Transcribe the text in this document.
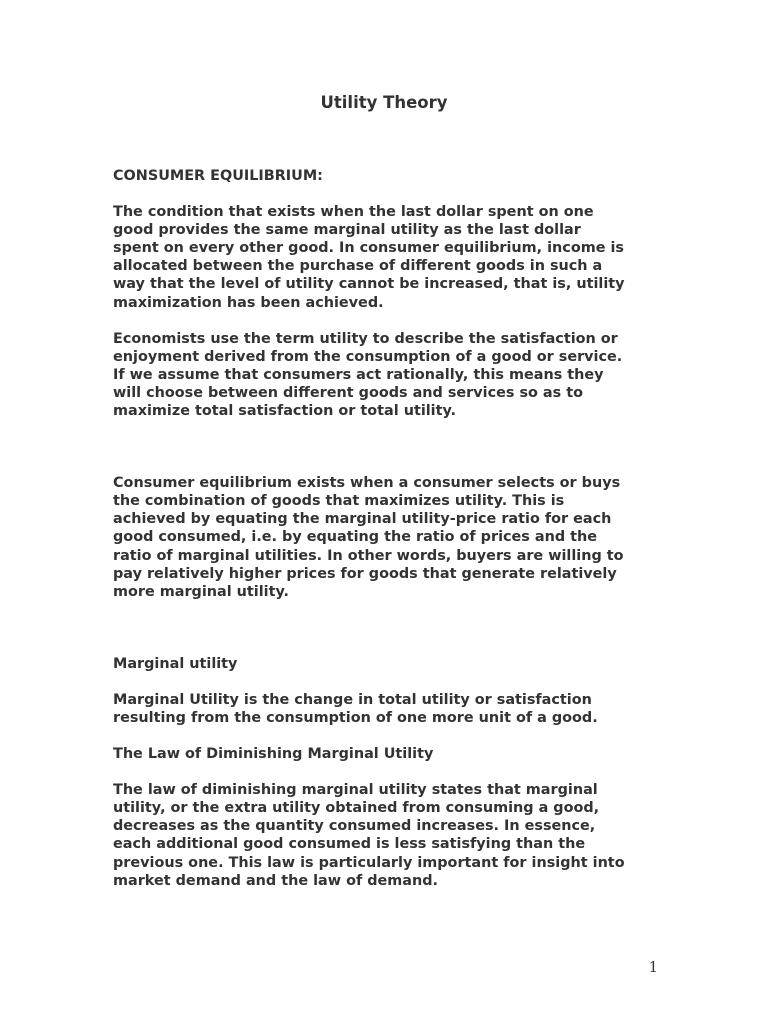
Utility Theory

CONSUMER EQUILIBRIUM:

The condition that exists when the last dollar spent on one
good provides the same marginal utility as the last dollar
spent on every other good. In consumer equilibrium, income is
allocated between the purchase of different goods in such a
way that the level of utility cannot be increased, that is, utility
maximization has been achieved.

Economists use the term utility to describe the satisfaction or
enjoyment derived from the consumption of a good or service.
If we assume that consumers act rationally, this means they
will choose between different goods and services so as to
maximize total satisfaction or total utility.

Consumer equilibrium exists when a consumer selects or buys
the combination of goods that maximizes utility. This is
achieved by equating the marginal utility-price ratio for each
good consumed, i.e. by equating the ratio of prices and the
ratio of marginal utilities. In other words, buyers are willing to
pay relatively higher prices for goods that generate relatively
more marginal utility.

Marginal utility

Marginal Utility is the change in total utility or satisfaction
resulting from the consumption of one more unit of a good.

The Law of Diminishing Marginal Utility

The law of diminishing marginal utility states that marginal
utility, or the extra utility obtained from consuming a good,
decreases as the quantity consumed increases. In essence,
each additional good consumed is less satisfying than the
previous one. This law is particularly important for insight into
market demand and the law of demand.

1
